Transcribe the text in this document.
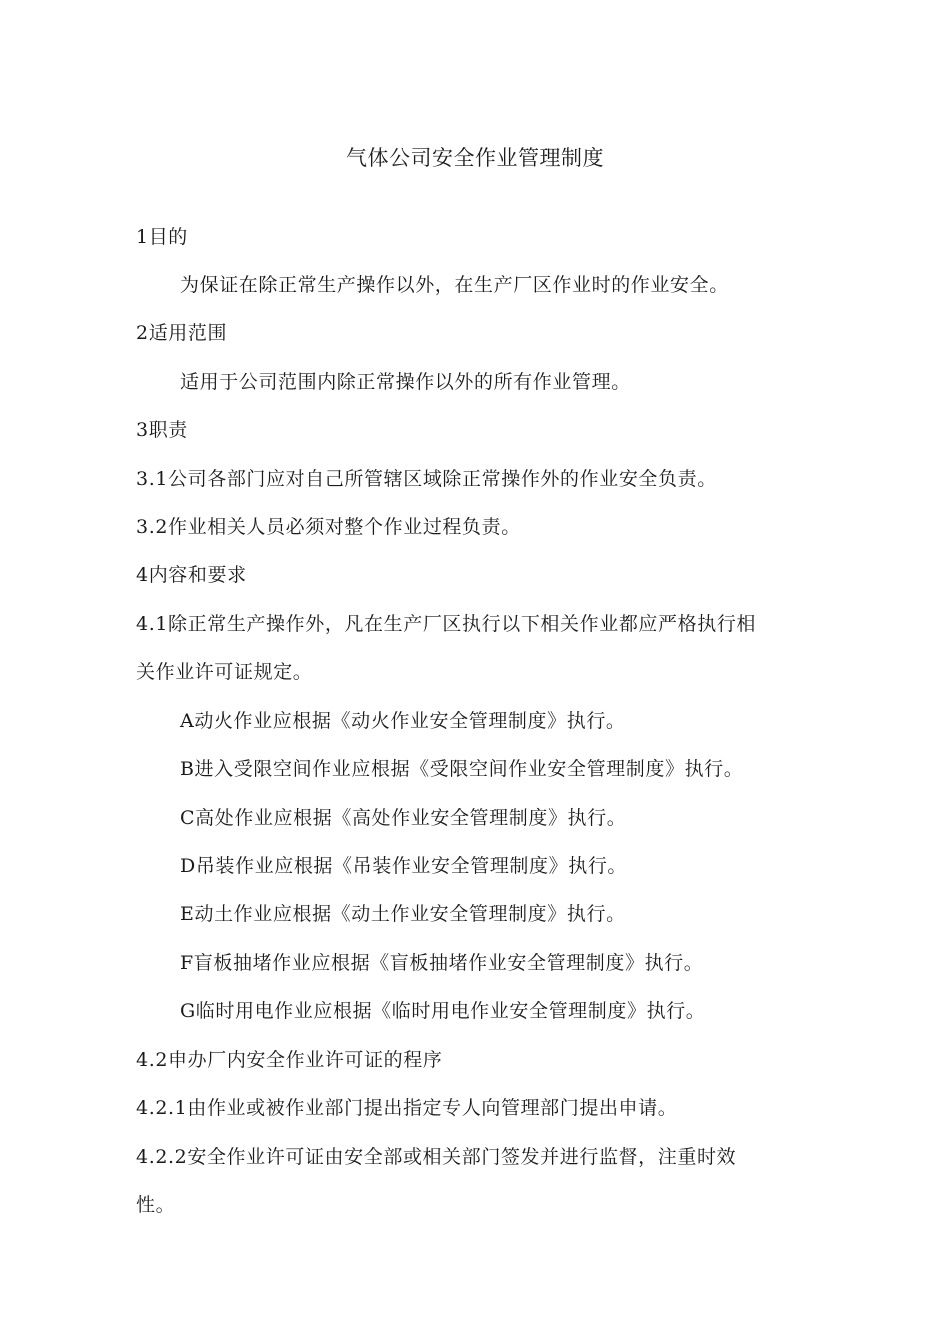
气体公司安全作业管理制度
1目的
为保证在除正常生产操作以外，在生产厂区作业时的作业安全。
2适用范围
适用于公司范围内除正常操作以外的所有作业管理。
3职责
3.1公司各部门应对自己所管辖区域除正常操作外的作业安全负责。
3.2作业相关人员必须对整个作业过程负责。
4内容和要求
4.1除正常生产操作外，凡在生产厂区执行以下相关作业都应严格执行相
关作业许可证规定。
A动火作业应根据《动火作业安全管理制度》执行。
B进入受限空间作业应根据《受限空间作业安全管理制度》执行。
C高处作业应根据《高处作业安全管理制度》执行。
D吊装作业应根据《吊装作业安全管理制度》执行。
E动土作业应根据《动土作业安全管理制度》执行。
F盲板抽堵作业应根据《盲板抽堵作业安全管理制度》执行。
G临时用电作业应根据《临时用电作业安全管理制度》执行。
4.2申办厂内安全作业许可证的程序
4.2.1由作业或被作业部门提出指定专人向管理部门提出申请。
4.2.2安全作业许可证由安全部或相关部门签发并进行监督，注重时效
性。
